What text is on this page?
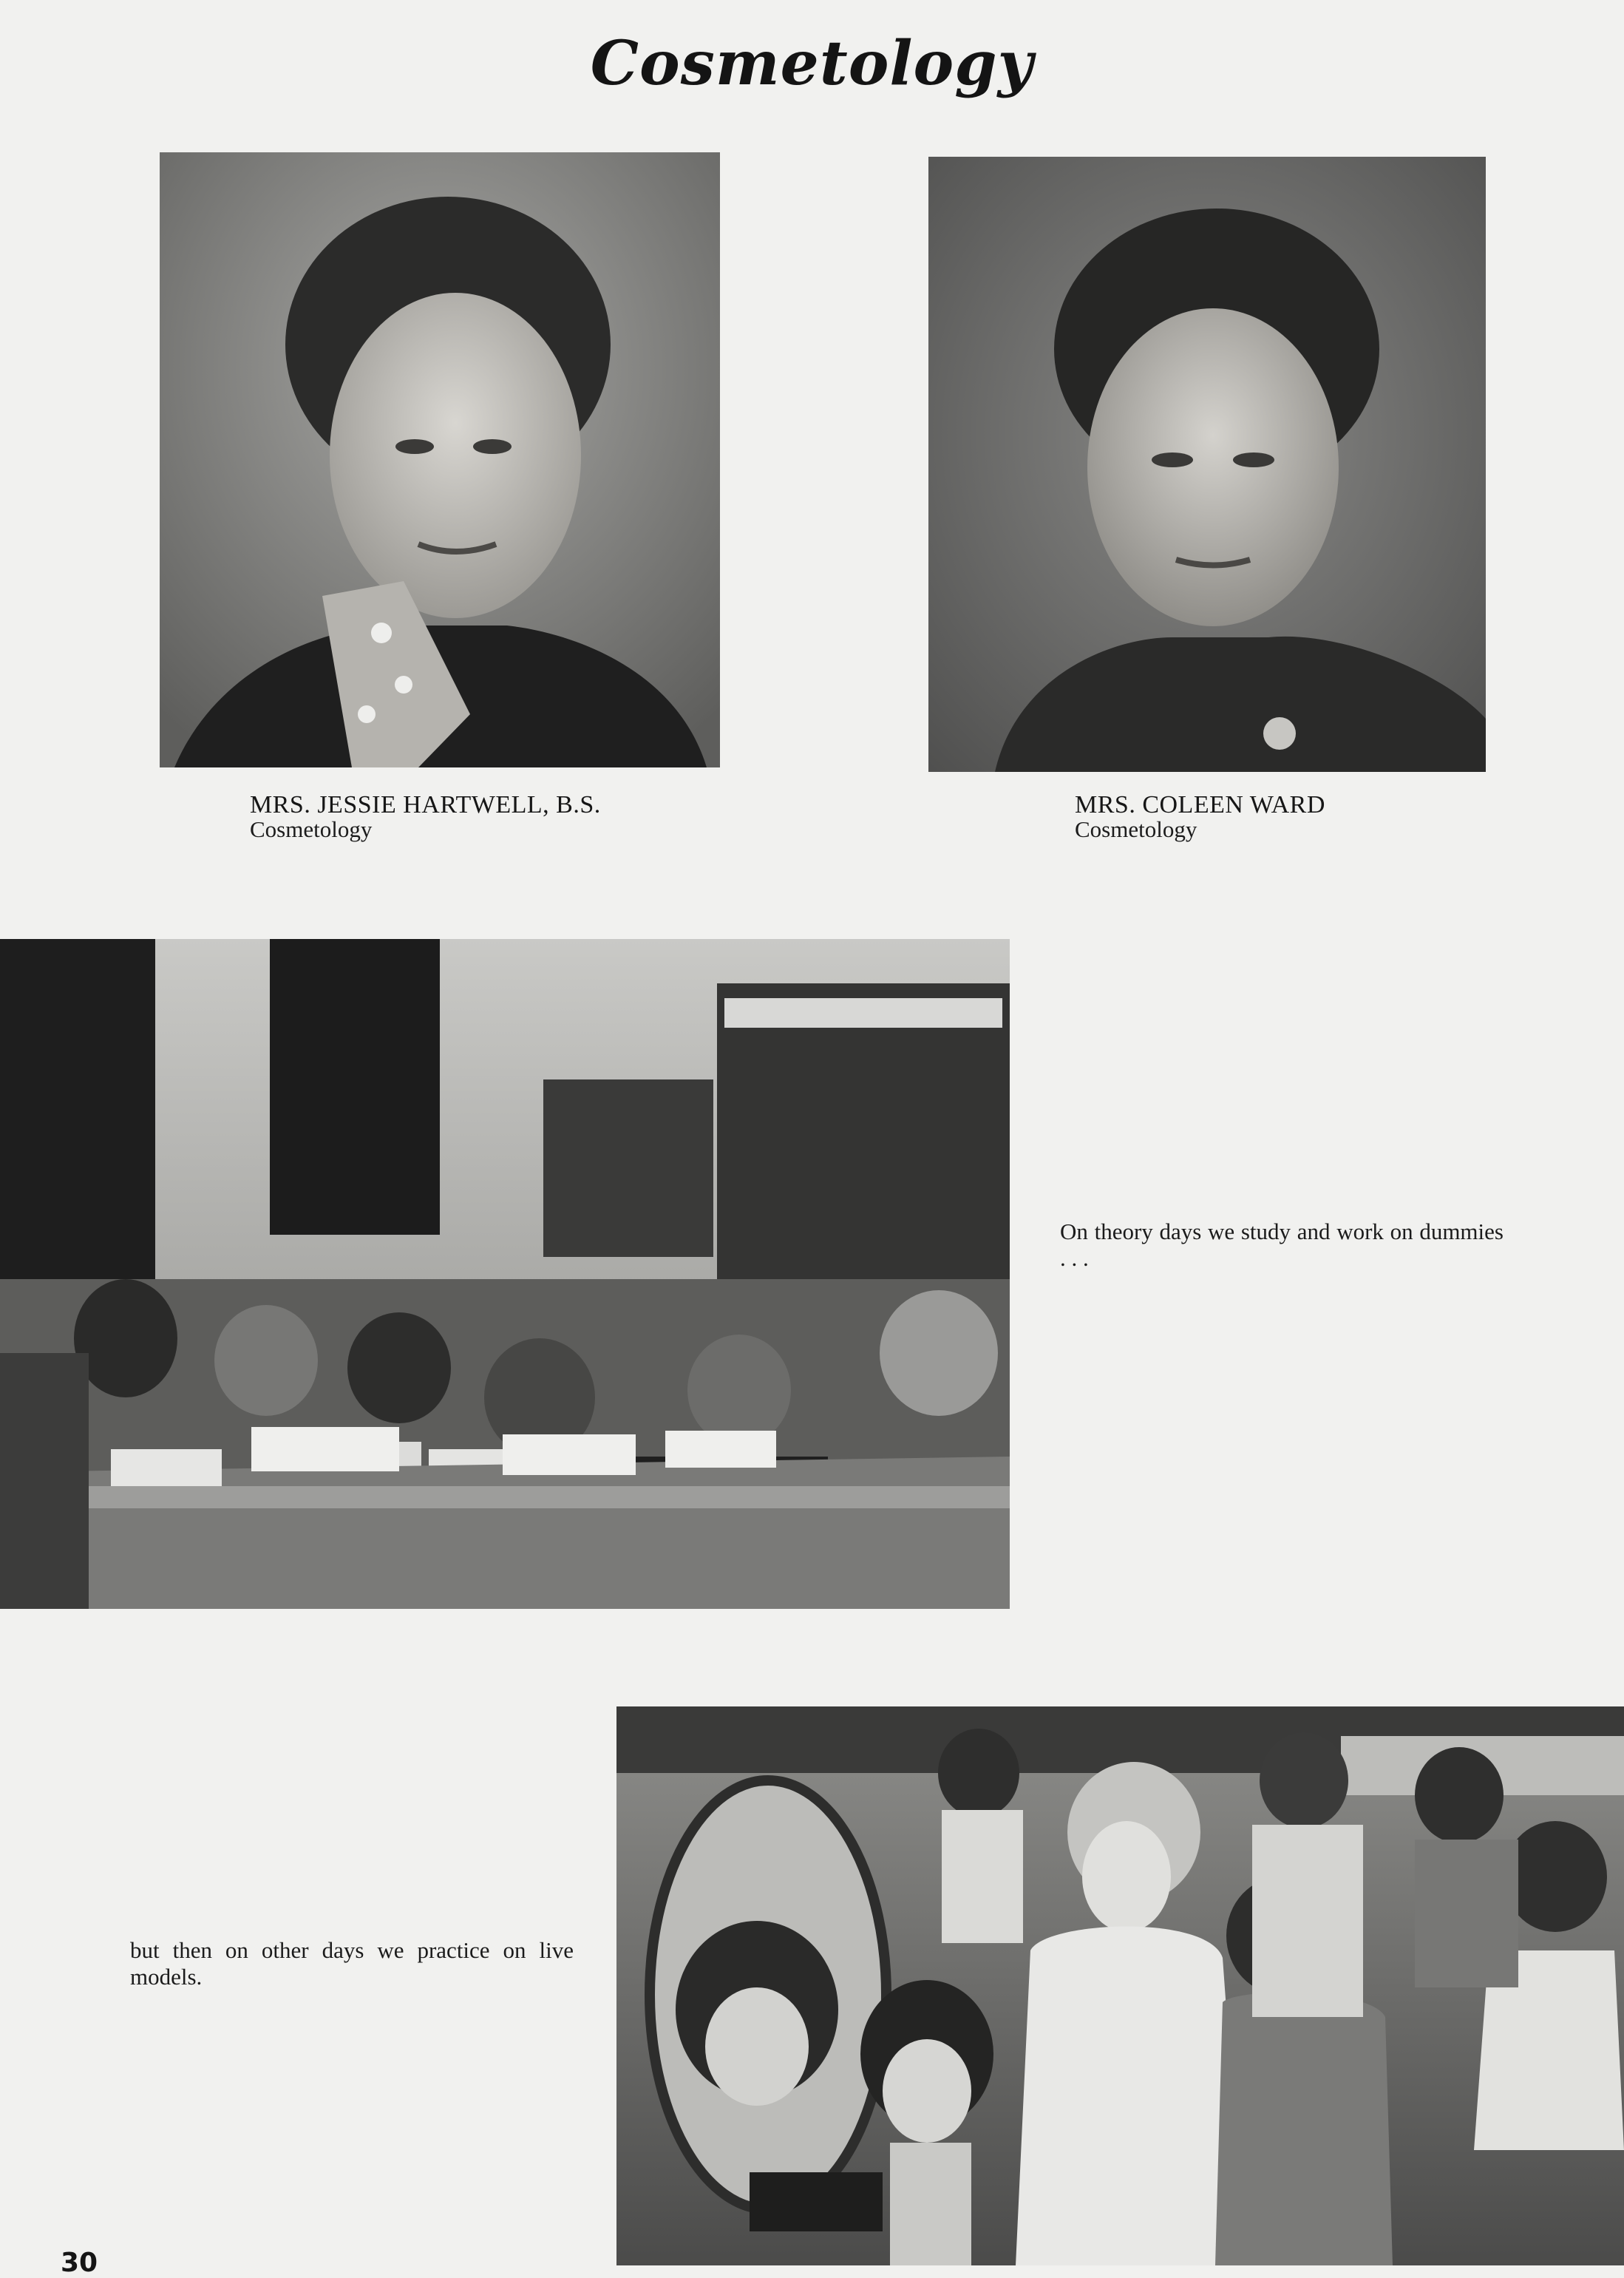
Cosmetology
MRS. JESSIE HARTWELL, B.S.
Cosmetology
MRS. COLEEN WARD
Cosmetology
On theory days we study and work on dummies . . .
but then on other days we practice on live models.
30
